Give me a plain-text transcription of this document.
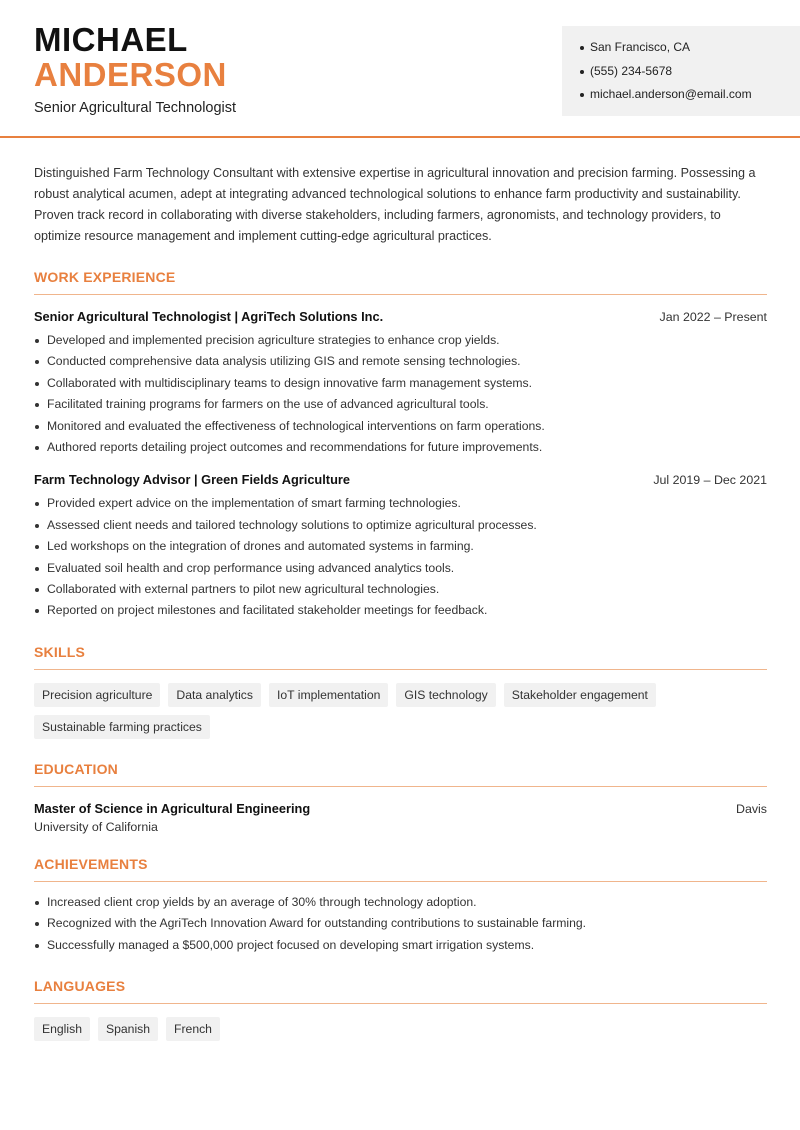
MICHAEL
ANDERSON
Senior Agricultural Technologist
San Francisco, CA
(555) 234-5678
michael.anderson@email.com

Distinguished Farm Technology Consultant with extensive expertise in agricultural innovation and precision farming. Possessing a robust analytical acumen, adept at integrating advanced technological solutions to enhance farm productivity and sustainability. Proven track record in collaborating with diverse stakeholders, including farmers, agronomists, and technology providers, to optimize resource management and implement cutting-edge agricultural practices.

WORK EXPERIENCE
Senior Agricultural Technologist | AgriTech Solutions Inc.	Jan 2022 – Present
Developed and implemented precision agriculture strategies to enhance crop yields.
Conducted comprehensive data analysis utilizing GIS and remote sensing technologies.
Collaborated with multidisciplinary teams to design innovative farm management systems.
Facilitated training programs for farmers on the use of advanced agricultural tools.
Monitored and evaluated the effectiveness of technological interventions on farm operations.
Authored reports detailing project outcomes and recommendations for future improvements.
Farm Technology Advisor | Green Fields Agriculture	Jul 2019 – Dec 2021
Provided expert advice on the implementation of smart farming technologies.
Assessed client needs and tailored technology solutions to optimize agricultural processes.
Led workshops on the integration of drones and automated systems in farming.
Evaluated soil health and crop performance using advanced analytics tools.
Collaborated with external partners to pilot new agricultural technologies.
Reported on project milestones and facilitated stakeholder meetings for feedback.
SKILLS
Precision agriculture	Data analytics	IoT implementation	GIS technology	Stakeholder engagement
Sustainable farming practices
EDUCATION
Master of Science in Agricultural Engineering	Davis
University of California
ACHIEVEMENTS
Increased client crop yields by an average of 30% through technology adoption.
Recognized with the AgriTech Innovation Award for outstanding contributions to sustainable farming.
Successfully managed a $500,000 project focused on developing smart irrigation systems.
LANGUAGES
English	Spanish	French
